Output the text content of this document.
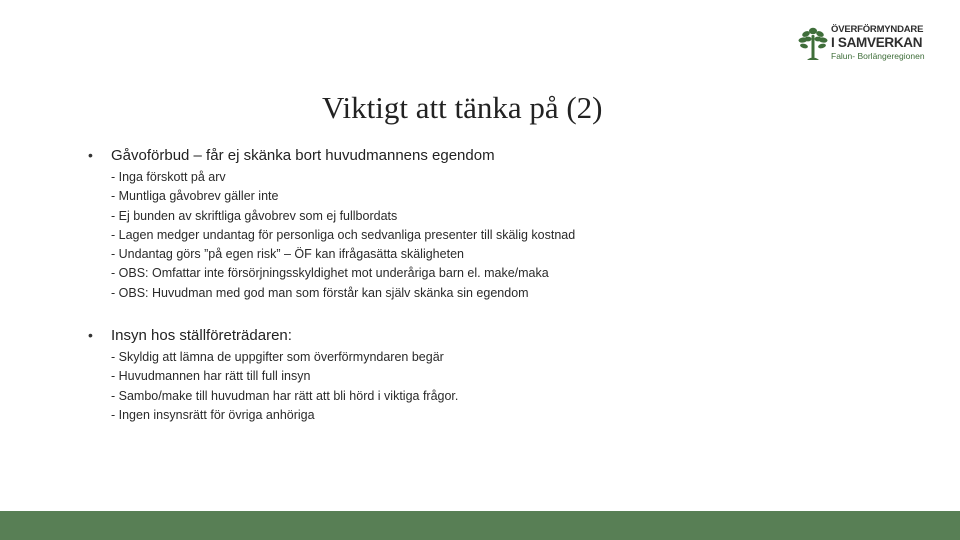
ÖVERFÖRMYNDARE
I SAMVERKAN
Falun- Borlängeregionen
Viktigt att tänka på (2)
• Gåvoförbud – får ej skänka bort huvudmannens egendom
- Inga förskott på arv
- Muntliga gåvobrev gäller inte
- Ej bunden av skriftliga gåvobrev som ej fullbordats
- Lagen medger undantag för personliga och sedvanliga presenter till skälig kostnad
- Undantag görs ”på egen risk” – ÖF kan ifrågasätta skäligheten
- OBS: Omfattar inte försörjningsskyldighet mot underåriga barn el. make/maka
- OBS: Huvudman med god man som förstår kan själv skänka sin egendom
• Insyn hos ställföreträdaren:
- Skyldig att lämna de uppgifter som överförmyndaren begär
- Huvudmannen har rätt till full insyn
- Sambo/make till huvudman har rätt att bli hörd i viktiga frågor.
- Ingen insynsrätt för övriga anhöriga
